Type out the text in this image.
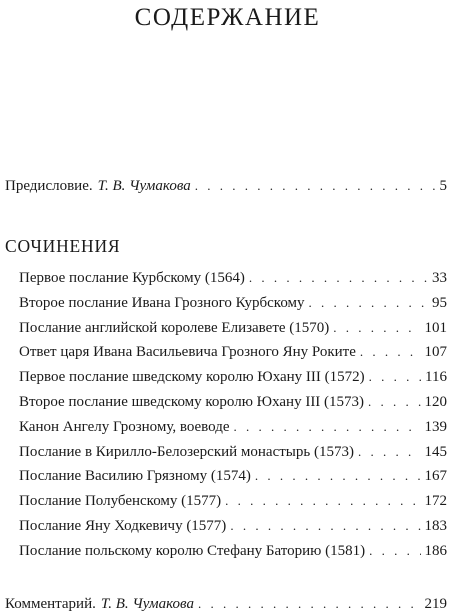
СОДЕРЖАНИЕ
Предисловие. Т. В. Чумакова . . .	5
СОЧИНЕНИЯ
Первое послание Курбскому (1564) . . .	33
Второе послание Ивана Грозного Курбскому . . .	95
Послание английской королеве Елизавете (1570) . . .	101
Ответ царя Ивана Васильевича Грозного Яну Роките . . .	107
Первое послание шведскому королю Юхану III (1572) . . .	116
Второе послание шведскому королю Юхану III (1573) . . .	120
Канон Ангелу Грозному, воеводе . . .	139
Послание в Кирилло-Белозерский монастырь (1573) . . .	145
Послание Василию Грязному (1574) . . .	167
Послание Полубенскому (1577) . . .	172
Послание Яну Ходкевичу (1577) . . .	183
Послание польскому королю Стефану Баторию (1581) . . .	186
Комментарий. Т. В. Чумакова . . .	219
